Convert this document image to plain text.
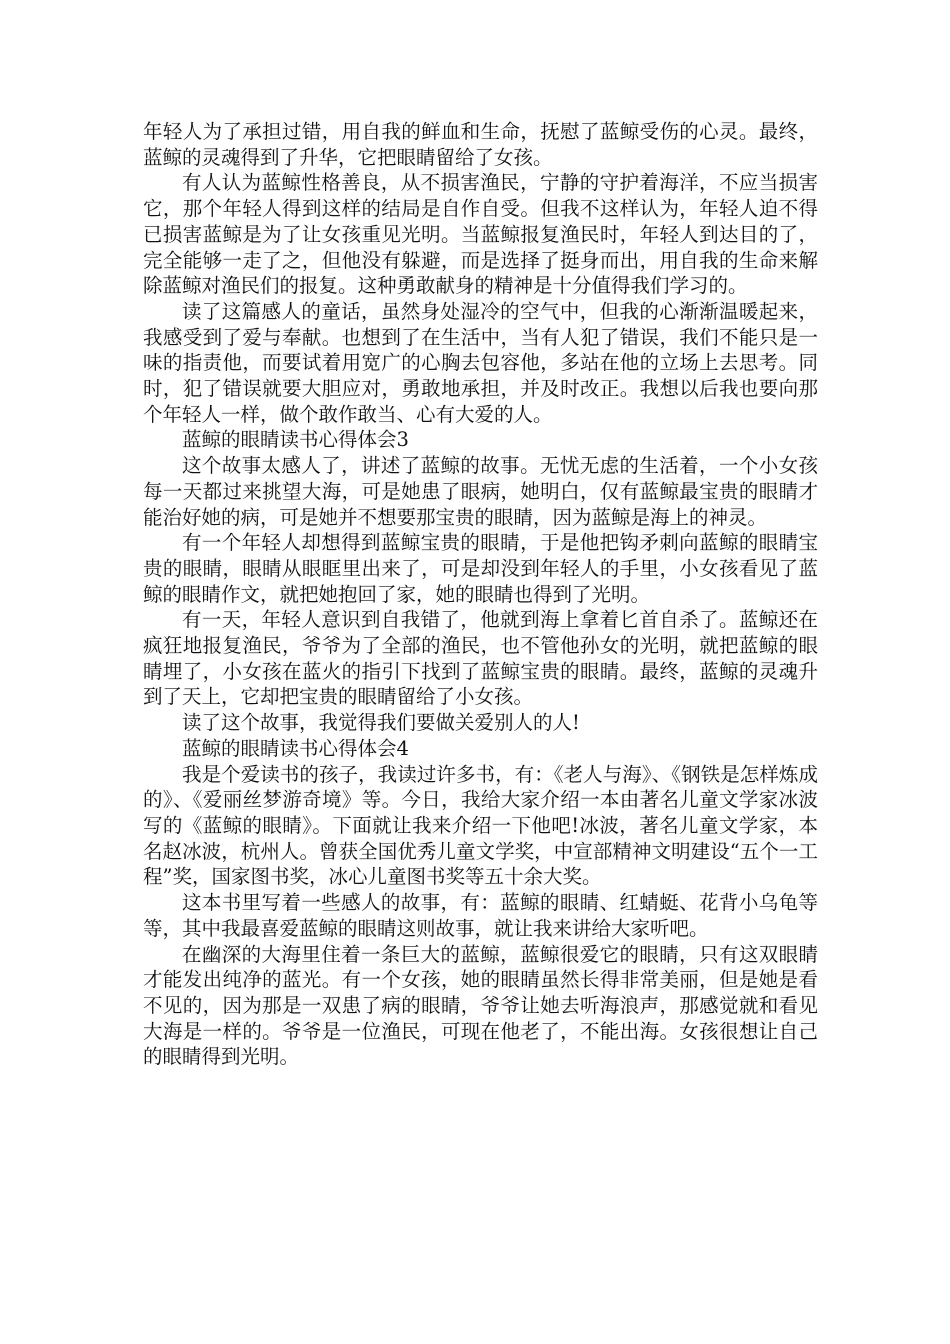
年轻人为了承担过错，用自我的鲜血和生命，抚慰了蓝鲸受伤的心灵。最终，蓝鲸的灵魂得到了升华，它把眼睛留给了女孩。

有人认为蓝鲸性格善良，从不损害渔民，宁静的守护着海洋，不应当损害它，那个年轻人得到这样的结局是自作自受。但我不这样认为，年轻人迫不得已损害蓝鲸是为了让女孩重见光明。当蓝鲸报复渔民时，年轻人到达目的了，完全能够一走了之，但他没有躲避，而是选择了挺身而出，用自我的生命来解除蓝鲸对渔民们的报复。这种勇敢献身的精神是十分值得我们学习的。

读了这篇感人的童话，虽然身处湿冷的空气中，但我的心渐渐温暖起来，我感受到了爱与奉献。也想到了在生活中，当有人犯了错误，我们不能只是一味的指责他，而要试着用宽广的心胸去包容他，多站在他的立场上去思考。同时，犯了错误就要大胆应对，勇敢地承担，并及时改正。我想以后我也要向那个年轻人一样，做个敢作敢当、心有大爱的人。

蓝鲸的眼睛读书心得体会3

这个故事太感人了，讲述了蓝鲸的故事。无忧无虑的生活着，一个小女孩每一天都过来挑望大海，可是她患了眼病，她明白，仅有蓝鲸最宝贵的眼睛才能治好她的病，可是她并不想要那宝贵的眼睛，因为蓝鲸是海上的神灵。

有一个年轻人却想得到蓝鲸宝贵的眼睛，于是他把钩矛刺向蓝鲸的眼睛宝贵的眼睛，眼睛从眼眶里出来了，可是却没到年轻人的手里，小女孩看见了蓝鲸的眼睛作文，就把她抱回了家，她的眼睛也得到了光明。

有一天，年轻人意识到自我错了，他就到海上拿着匕首自杀了。蓝鲸还在疯狂地报复渔民，爷爷为了全部的渔民，也不管他孙女的光明，就把蓝鲸的眼睛埋了，小女孩在蓝火的指引下找到了蓝鲸宝贵的眼睛。最终，蓝鲸的灵魂升到了天上，它却把宝贵的眼睛留给了小女孩。

读了这个故事，我觉得我们要做关爱别人的人!

蓝鲸的眼睛读书心得体会4

我是个爱读书的孩子，我读过许多书，有：《老人与海》、《钢铁是怎样炼成的》、《爱丽丝梦游奇境》等。今日，我给大家介绍一本由著名儿童文学家冰波写的《蓝鲸的眼睛》。下面就让我来介绍一下他吧!冰波，著名儿童文学家，本名赵冰波，杭州人。曾获全国优秀儿童文学奖，中宣部精神文明建设“五个一工程”奖，国家图书奖，冰心儿童图书奖等五十余大奖。

这本书里写着一些感人的故事，有：蓝鲸的眼睛、红蜻蜓、花背小乌龟等等，其中我最喜爱蓝鲸的眼睛这则故事，就让我来讲给大家听吧。

在幽深的大海里住着一条巨大的蓝鲸，蓝鲸很爱它的眼睛，只有这双眼睛才能发出纯净的蓝光。有一个女孩，她的眼睛虽然长得非常美丽，但是她是看不见的，因为那是一双患了病的眼睛，爷爷让她去听海浪声，那感觉就和看见大海是一样的。爷爷是一位渔民，可现在他老了，不能出海。女孩很想让自己的眼睛得到光明。
